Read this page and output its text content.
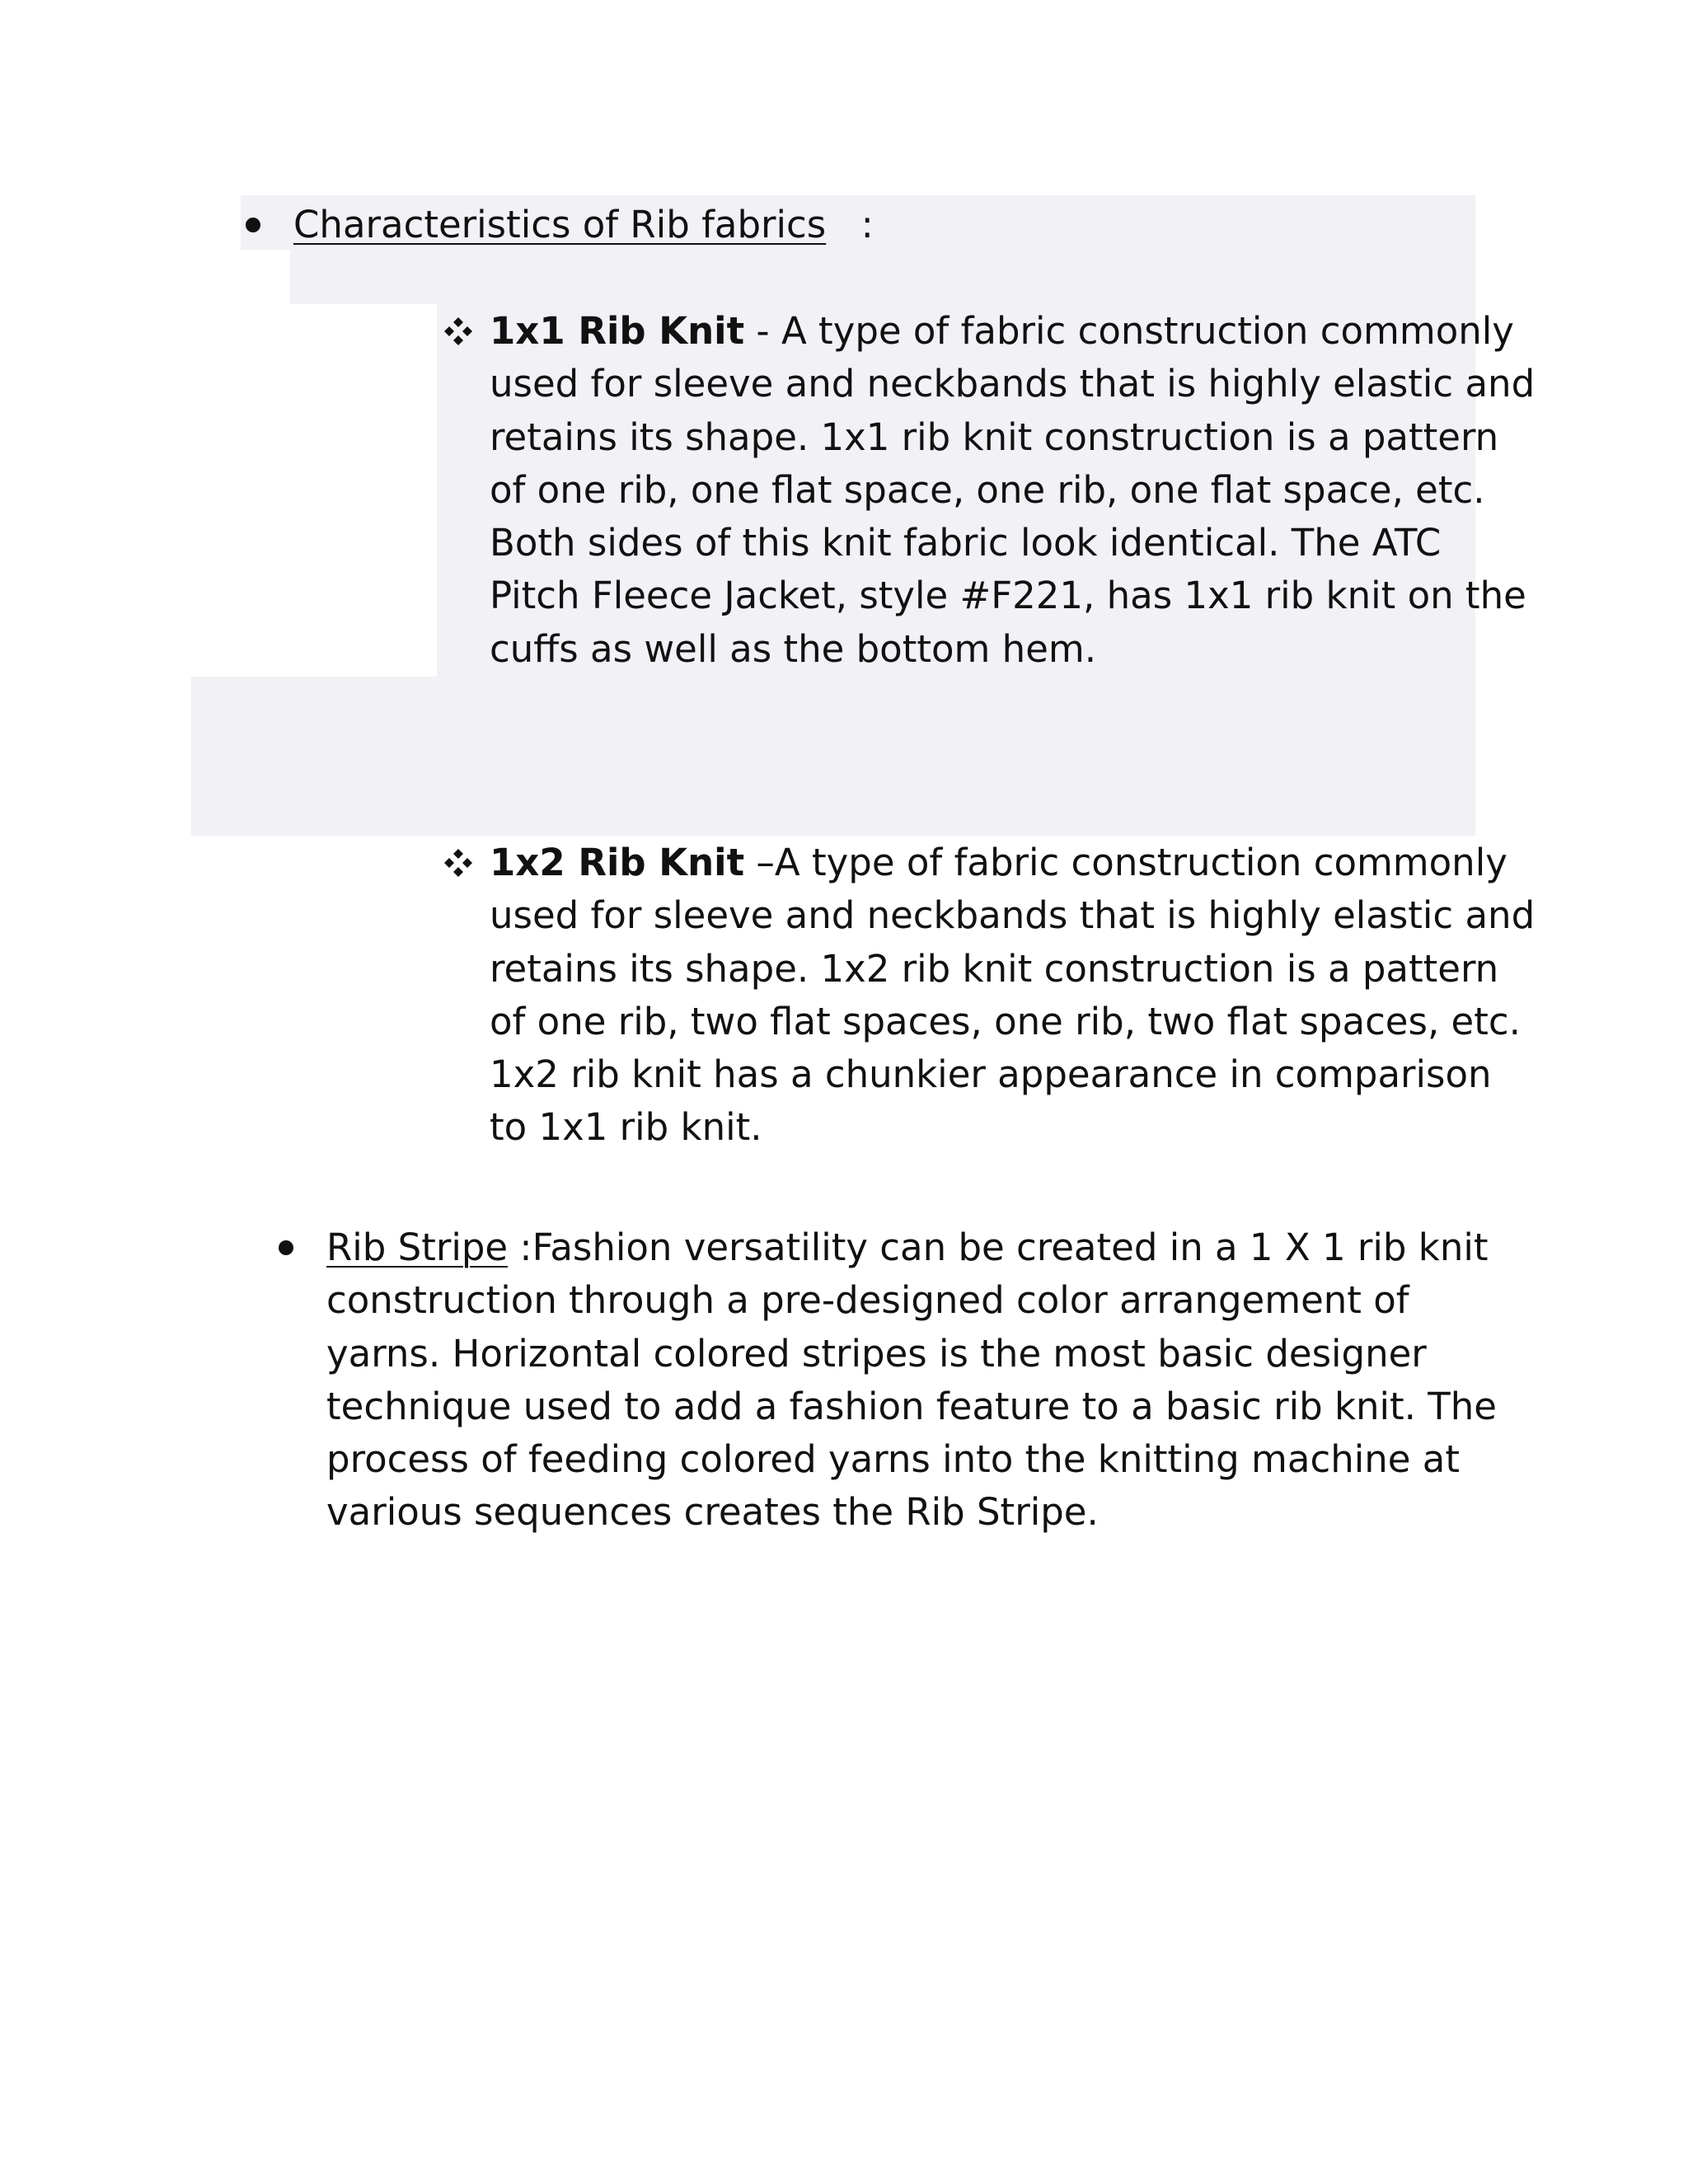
Characteristics of Rib fabrics :

1x1 Rib Knit - A type of fabric construction commonly
used for sleeve and neckbands that is highly elastic and
retains its shape. 1x1 rib knit construction is a pattern
of one rib, one flat space, one rib, one flat space, etc.
Both sides of this knit fabric look identical. The ATC
Pitch Fleece Jacket, style #F221, has 1x1 rib knit on the
cuffs as well as the bottom hem.
1x2 Rib Knit –A type of fabric construction commonly
used for sleeve and neckbands that is highly elastic and
retains its shape. 1x2 rib knit construction is a pattern
of one rib, two flat spaces, one rib, two flat spaces, etc.
1x2 rib knit has a chunkier appearance in comparison
to 1x1 rib knit.
Rib Stripe :Fashion versatility can be created in a 1 X 1 rib knit
construction through a pre-designed color arrangement of
yarns. Horizontal colored stripes is the most basic designer
technique used to add a fashion feature to a basic rib knit. The
process of feeding colored yarns into the knitting machine at
various sequences creates the Rib Stripe.
